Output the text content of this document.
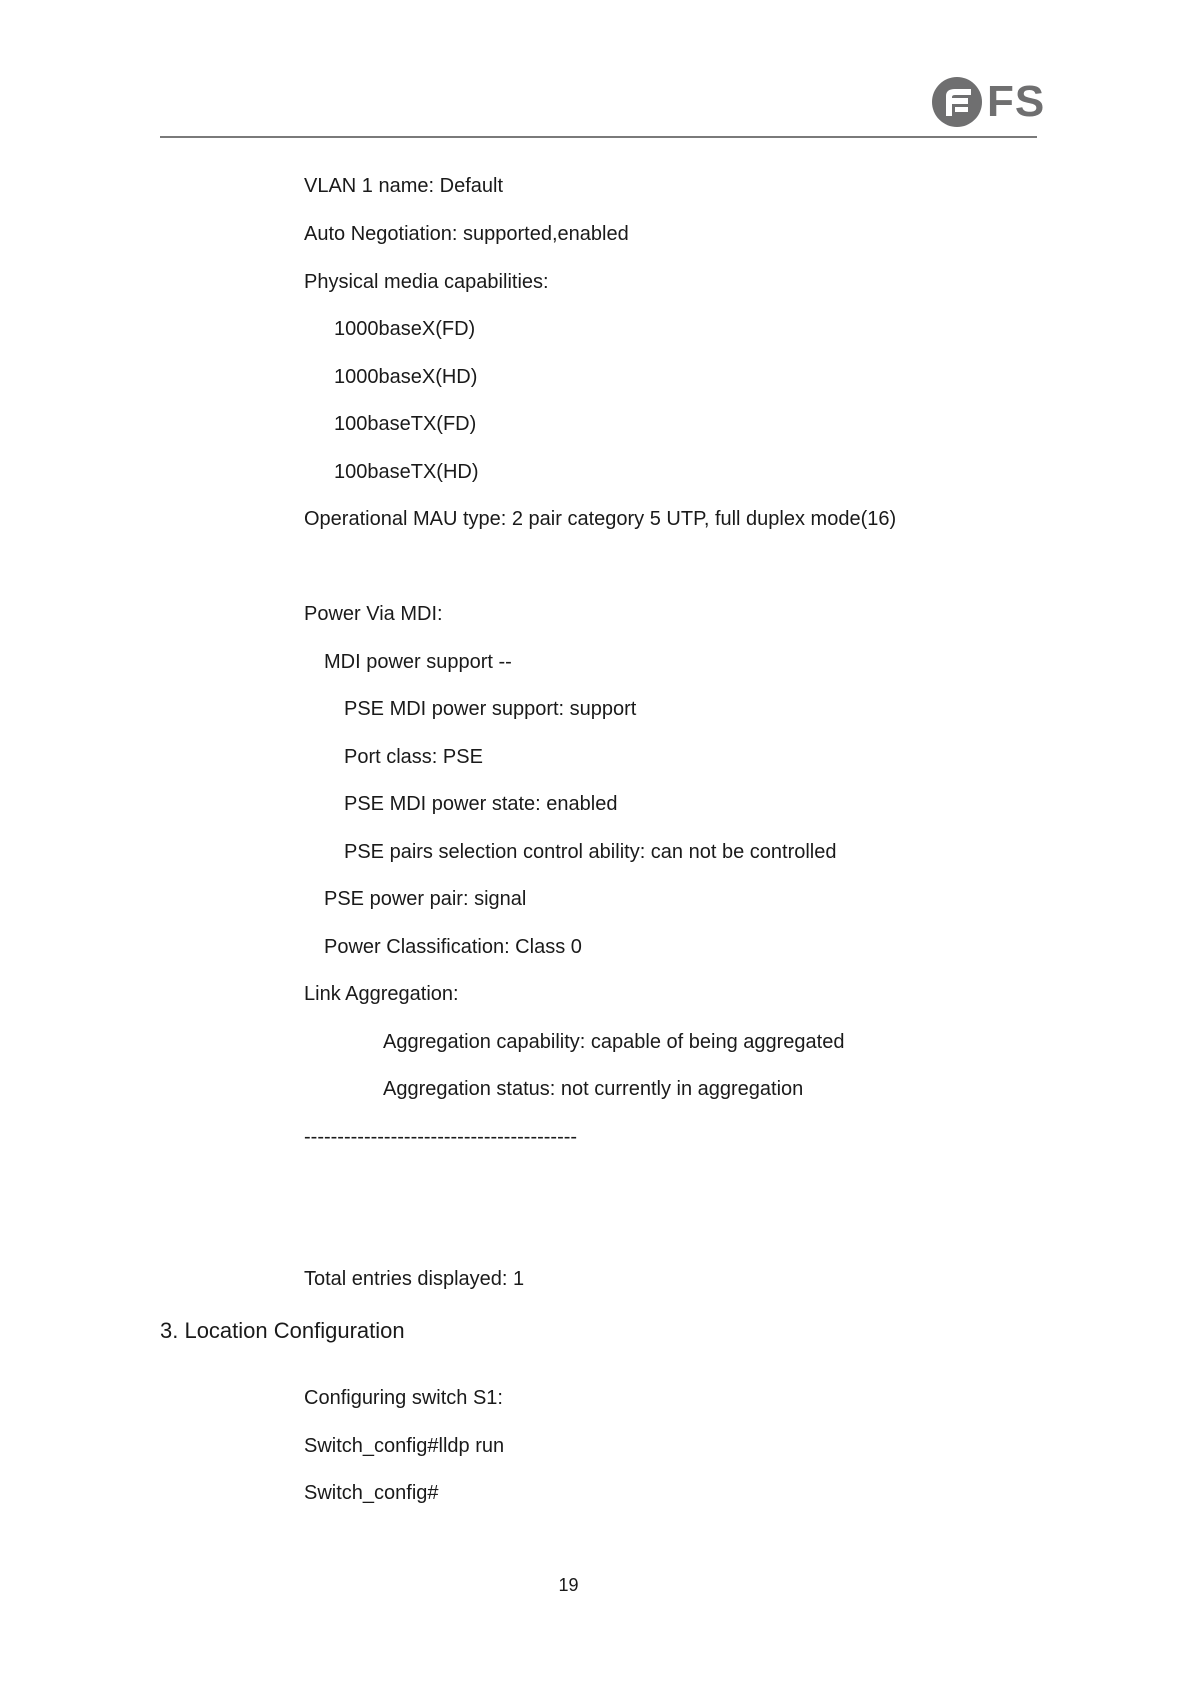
FS
VLAN 1 name: Default
Auto Negotiation: supported,enabled
Physical media capabilities:
1000baseX(FD)
1000baseX(HD)
100baseTX(FD)
100baseTX(HD)
Operational MAU type: 2 pair category 5 UTP, full duplex mode(16)
Power Via MDI:
MDI power support --
PSE MDI power support: support
Port class: PSE
PSE MDI power state: enabled
PSE pairs selection control ability: can not be controlled
PSE power pair: signal
Power Classification: Class 0
Link Aggregation:
Aggregation capability: capable of being aggregated
Aggregation status: not currently in aggregation
-----------------------------------------
Total entries displayed: 1
3. Location Configuration
Configuring switch S1:
Switch_config#lldp run
Switch_config#
19
